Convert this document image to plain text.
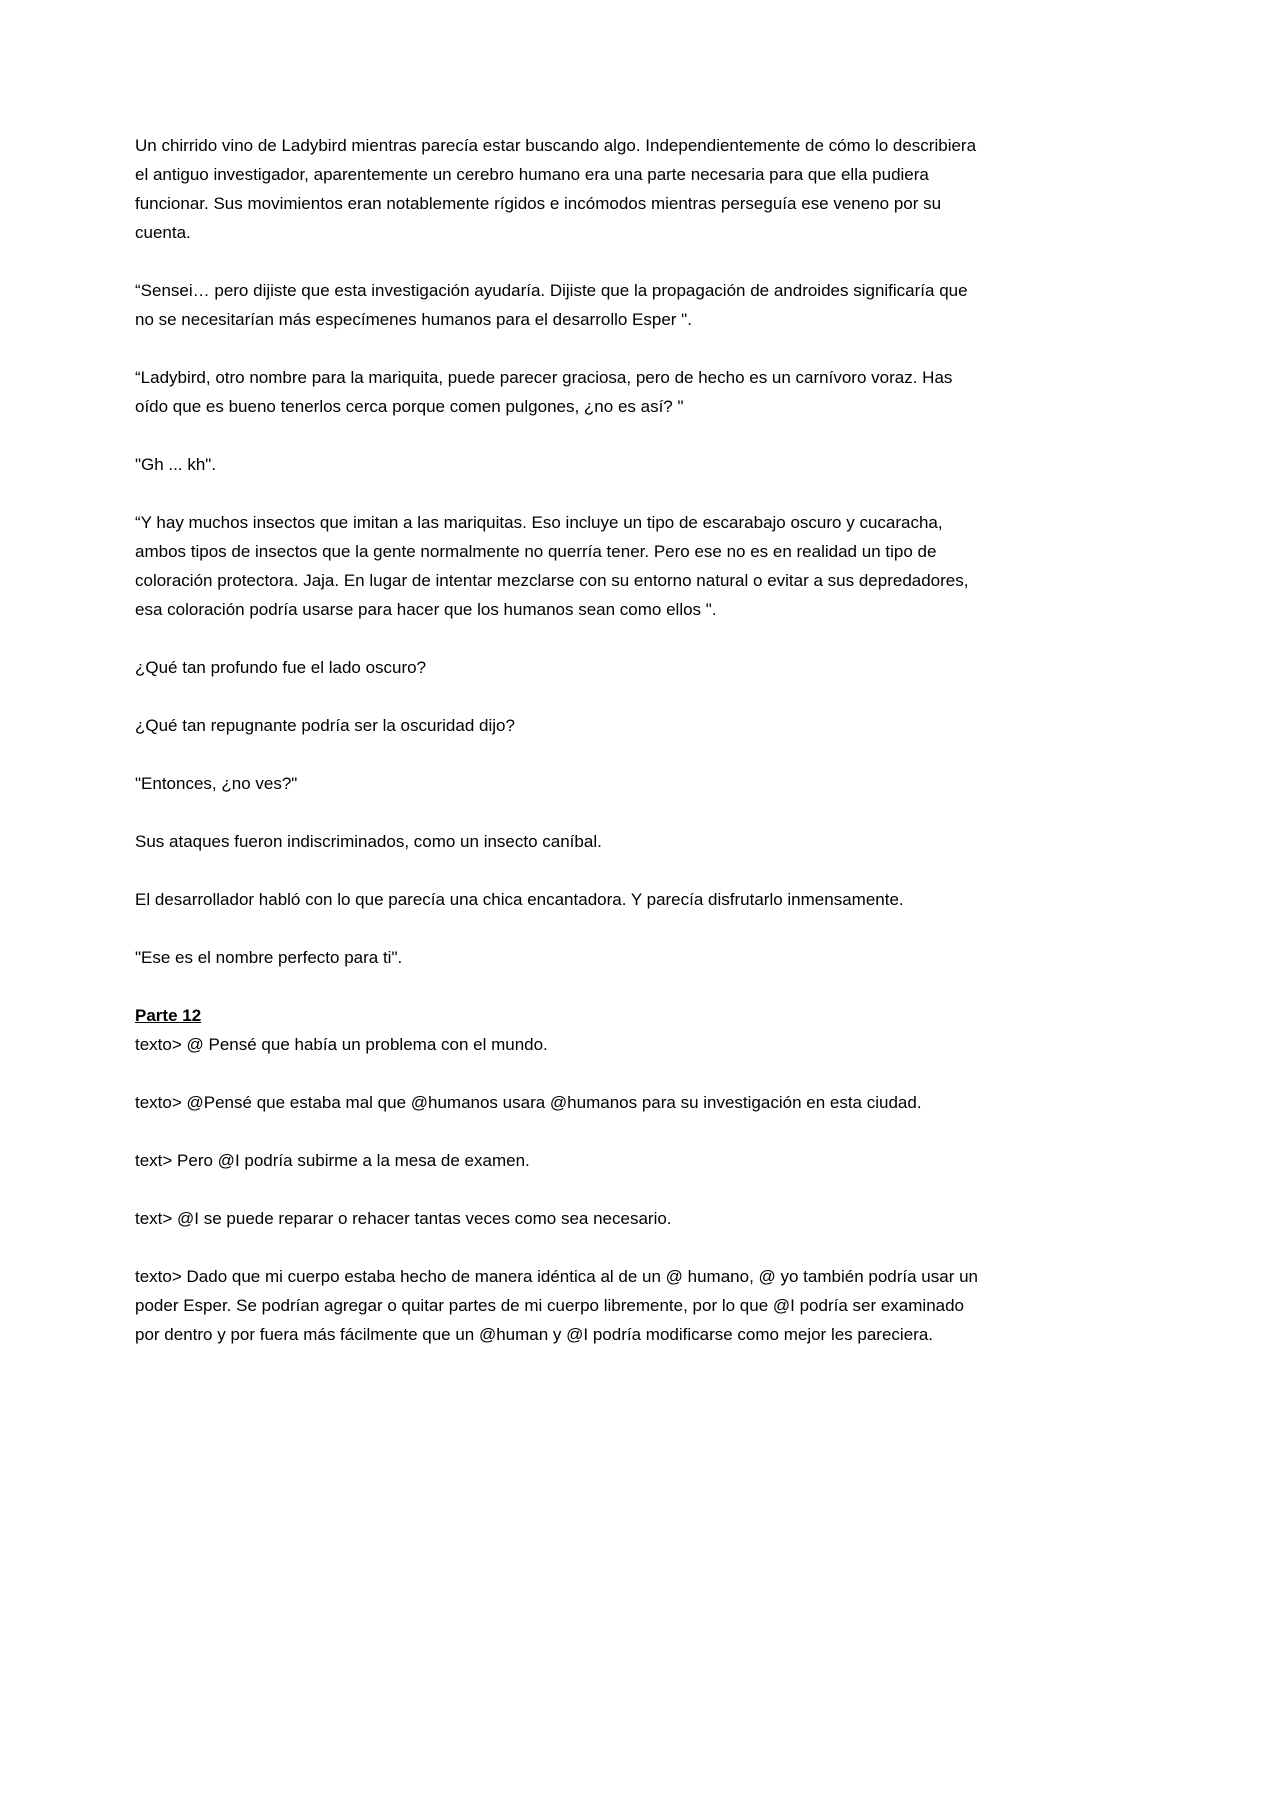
Un chirrido vino de Ladybird mientras parecía estar buscando algo. Independientemente de cómo lo describiera el antiguo investigador, aparentemente un cerebro humano era una parte necesaria para que ella pudiera funcionar. Sus movimientos eran notablemente rígidos e incómodos mientras perseguía ese veneno por su cuenta.

“Sensei… pero dijiste que esta investigación ayudaría. Dijiste que la propagación de androides significaría que no se necesitarían más especímenes humanos para el desarrollo Esper ".

“Ladybird, otro nombre para la mariquita, puede parecer graciosa, pero de hecho es un carnívoro voraz. Has oído que es bueno tenerlos cerca porque comen pulgones, ¿no es así? "

"Gh ... kh".

“Y hay muchos insectos que imitan a las mariquitas. Eso incluye un tipo de escarabajo oscuro y cucaracha, ambos tipos de insectos que la gente normalmente no querría tener. Pero ese no es en realidad un tipo de coloración protectora. Jaja. En lugar de intentar mezclarse con su entorno natural o evitar a sus depredadores, esa coloración podría usarse para hacer que los humanos sean como ellos ".

¿Qué tan profundo fue el lado oscuro?

¿Qué tan repugnante podría ser la oscuridad dijo?

"Entonces, ¿no ves?"

Sus ataques fueron indiscriminados, como un insecto caníbal.

El desarrollador habló con lo que parecía una chica encantadora. Y parecía disfrutarlo inmensamente.

"Ese es el nombre perfecto para ti".

Parte 12

texto> @ Pensé que había un problema con el mundo.

texto> @Pensé que estaba mal que @humanos usara @humanos para su investigación en esta ciudad.

text> Pero @I podría subirme a la mesa de examen.

text> @I se puede reparar o rehacer tantas veces como sea necesario.

texto> Dado que mi cuerpo estaba hecho de manera idéntica al de un @ humano, @ yo también podría usar un poder Esper. Se podrían agregar o quitar partes de mi cuerpo libremente, por lo que @I podría ser examinado por dentro y por fuera más fácilmente que un @human y @I podría modificarse como mejor les pareciera.
